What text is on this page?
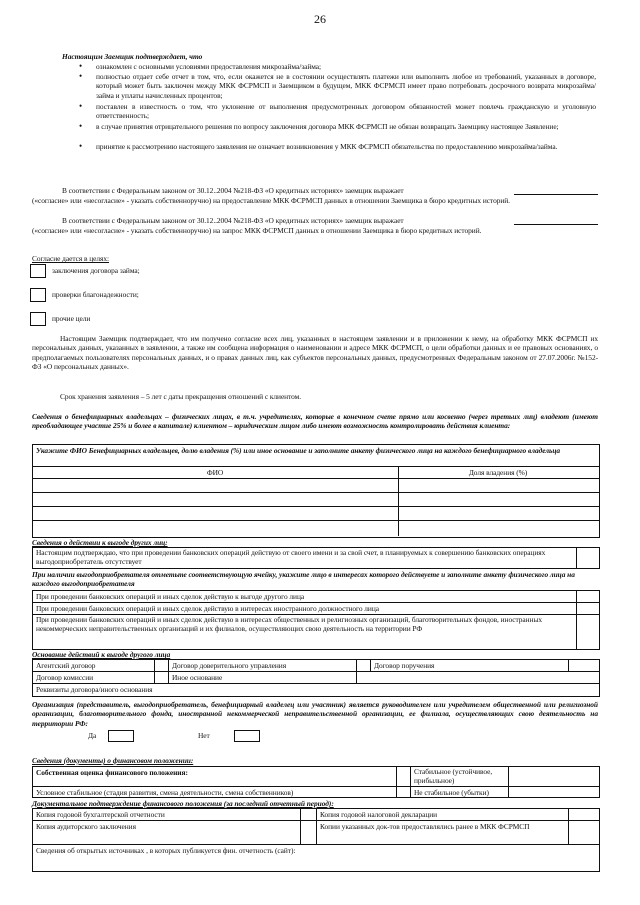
26
Настоящим Заемщик подтверждает, что
• ознакомлен с основными условиями предоставления микрозайма/займа;
• полностью отдает себе отчет в том, что, если окажется не в состоянии осуществлять платежи или выполнить любое из требований, указанных в договоре, который может быть заключен между МКК ФСРМСП и Заемщиком в будущем, МКК ФСРМСП имеет право потребовать досрочного возврата микрозайма/займа и уплаты начисленных процентов;
• поставлен в известность о том, что уклонение от выполнения предусмотренных договором обязанностей может повлечь гражданскую и уголовную ответственность;
• в случае принятия отрицательного решения по вопросу заключения договора МКК ФСРМСП не обязан возвращать Заемщику настоящее Заявление;
• принятие к рассмотрению настоящего заявления не означает возникновения у МКК ФСРМСП обязательства по предоставлению микрозайма/займа.
В соответствии с Федеральным законом от 30.12..2004 №218-ФЗ «О кредитных историях» заемщик выражает
(«согласие» или «несогласие» - указать собственноручно) на предоставление МКК ФСРМСП данных в отношении Заемщика в бюро кредитных историй.
В соответствии с Федеральным законом от 30.12..2004 №218-ФЗ «О кредитных историях» заемщик выражает
(«согласие» или «несогласие» - указать собственноручно) на запрос МКК ФСРМСП данных в отношении Заемщика в бюро кредитных историй.
Согласие дается в целях:
заключения договора займа;
проверки благонадежности;
прочие цели
Настоящим Заемщик подтверждает, что им получено согласие всех лиц, указанных в настоящем заявлении и в приложении к нему, на обработку МКК ФСРМСП их персональных данных, указанных в заявлении, а также им сообщена информация о наименовании и адресе МКК ФСРМСП, о цели обработки данных и ее правовых основаниях, о предполагаемых пользователях персональных данных, и о правах данных лиц, как субъектов персональных данных, предусмотренных Федеральным законом от 27.07.2006г. №152-ФЗ «О персональных данных».
Срок хранения заявления – 5 лет с даты прекращения отношений с клиентом.
Сведения о бенефициарных владельцах – физических лицах, в т.ч. учредителях, которые в конечном счете прямо или косвенно (через третьих лиц) владеют (имеют преобладающее участие 25% и более в капитале) клиентом – юридическим лицом либо имеют возможность контролировать действия клиента:
Укажите ФИО Бенефициарных владельцев, долю владения (%) или иное основание и заполните анкету физического лица на каждого бенефициарного владельца
ФИО	Доля владения (%)
Сведения о действии к выгоде других лиц:
Настоящим подтверждаю, что при проведении банковских операций действую от своего имени и за свой счет, в планируемых к совершению банковских операциях выгодоприобретатель отсутствует
При наличии выгодоприобретателя отметьте соответствующую ячейку, укажите лицо в интересах которого действуете и заполните анкету физического лица на каждого выгодоприобретателя
При проведении банковских операций и иных сделок действую к выгоде другого лица
При проведении банковских операций и иных сделок действую в интересах иностранного должностного лица
При проведении банковских операций и иных сделок действую в интересах общественных и религиозных организаций, благотворительных фондов, иностранных некоммерческих неправительственных организаций и их филиалов, осуществляющих свою деятельность на территории РФ
Основание действий к выгоде другого лица
Агентский договор	Договор доверительного управления	Договор поручения
Договор комиссии	Иное основание
Реквизиты договора/иного основания
Организация (представитель, выгодоприобретатель, бенефициарный владелец или участник) является руководителем или учредителем общественной или религиозной организации, благотворительного фонда, иностранной некоммерческой неправительственной организации, ее филиала, осуществляющих свою деятельность на территории РФ:
Да	Нет
Сведения (документы) о финансовом положении:
Собственная оценка финансового положения:	Стабильное (устойчивое, прибыльное)
Условное стабильное (стадия развития, смена деятельности, смена собственников)	Не стабильное (убытки)
Документальное подтверждение финансового положения (за последний отчетный период):
Копия годовой бухгалтерской отчетности	Копия годовой налоговой декларации
Копия аудиторского заключения	Копии указанных док-тов предоставлялись ранее в МКК ФСРМСП
Сведения об открытых источниках , в которых публикуется фин. отчетность (сайт):
